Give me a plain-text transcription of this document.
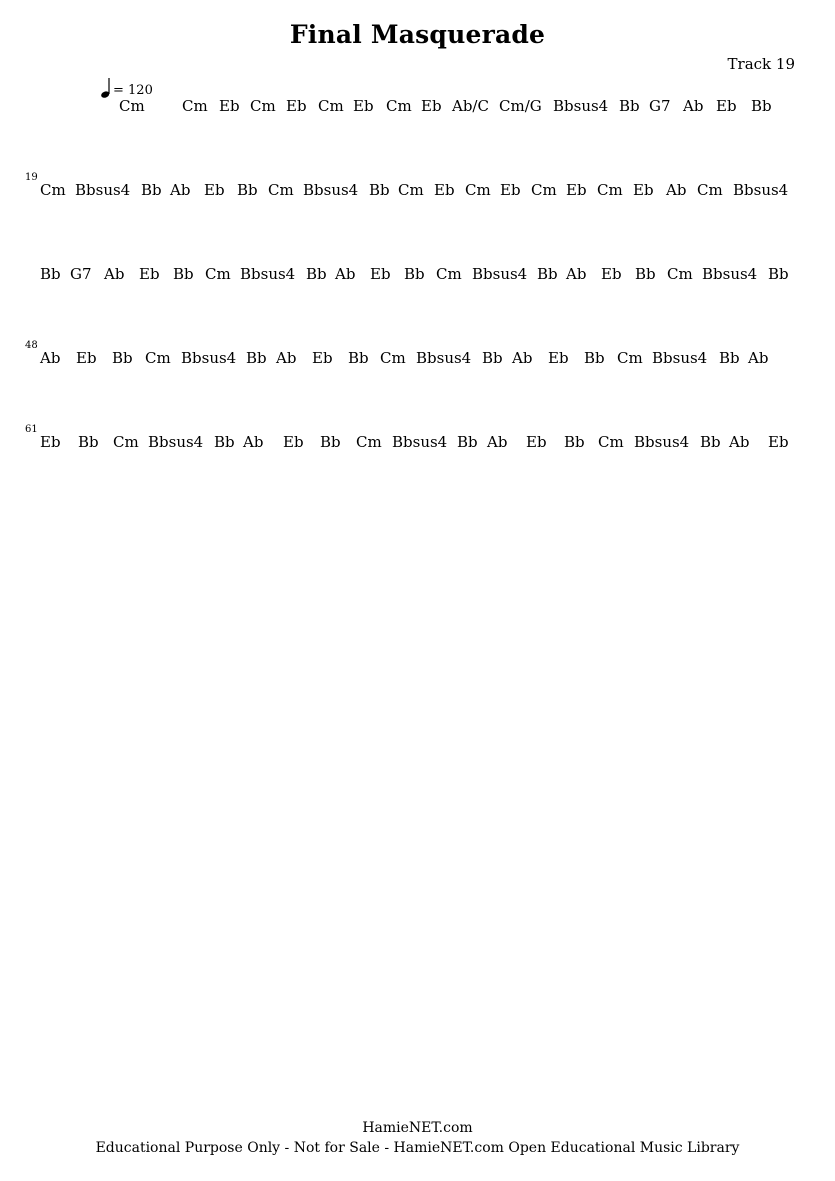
Final Masquerade
Track 19
= 120
Cm Cm Eb Cm Eb Cm Eb Cm Eb Ab/C Cm/G Bbsus4 Bb G7 Ab Eb Bb
19
Cm Bbsus4 Bb Ab Eb Bb Cm Bbsus4 Bb Cm Eb Cm Eb Cm Eb Cm Eb Ab Cm Bbsus4
Bb G7 Ab Eb Bb Cm Bbsus4 Bb Ab Eb Bb Cm Bbsus4 Bb Ab Eb Bb Cm Bbsus4 Bb
48
Ab Eb Bb Cm Bbsus4 Bb Ab Eb Bb Cm Bbsus4 Bb Ab Eb Bb Cm Bbsus4 Bb Ab
61
Eb Bb Cm Bbsus4 Bb Ab Eb Bb Cm Bbsus4 Bb Ab Eb Bb Cm Bbsus4 Bb Ab Eb
HamieNET.com
Educational Purpose Only - Not for Sale - HamieNET.com Open Educational Music Library
